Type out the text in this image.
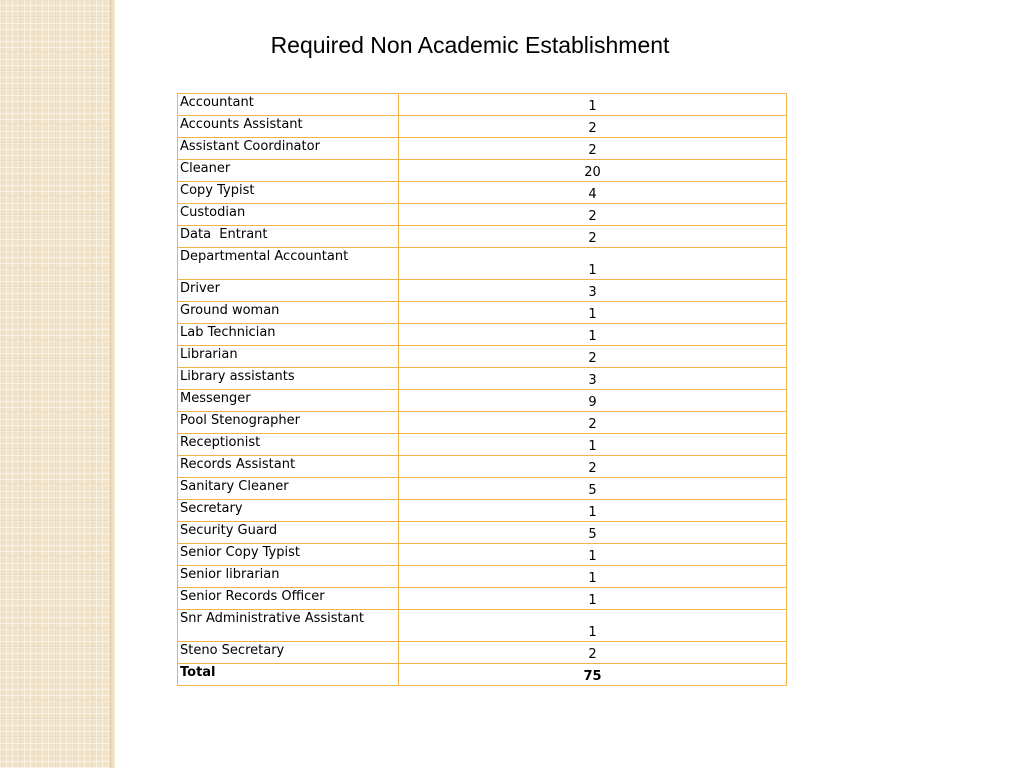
Required Non Academic Establishment
Accountant	1
Accounts Assistant	2
Assistant Coordinator	2
Cleaner	20
Copy Typist	4
Custodian	2
Data  Entrant	2
Departmental Accountant	1
Driver	3
Ground woman	1
Lab Technician	1
Librarian	2
Library assistants	3
Messenger	9
Pool Stenographer	2
Receptionist	1
Records Assistant	2
Sanitary Cleaner	5
Secretary	1
Security Guard	5
Senior Copy Typist	1
Senior librarian	1
Senior Records Officer	1
Snr Administrative Assistant	1
Steno Secretary	2
Total	75
